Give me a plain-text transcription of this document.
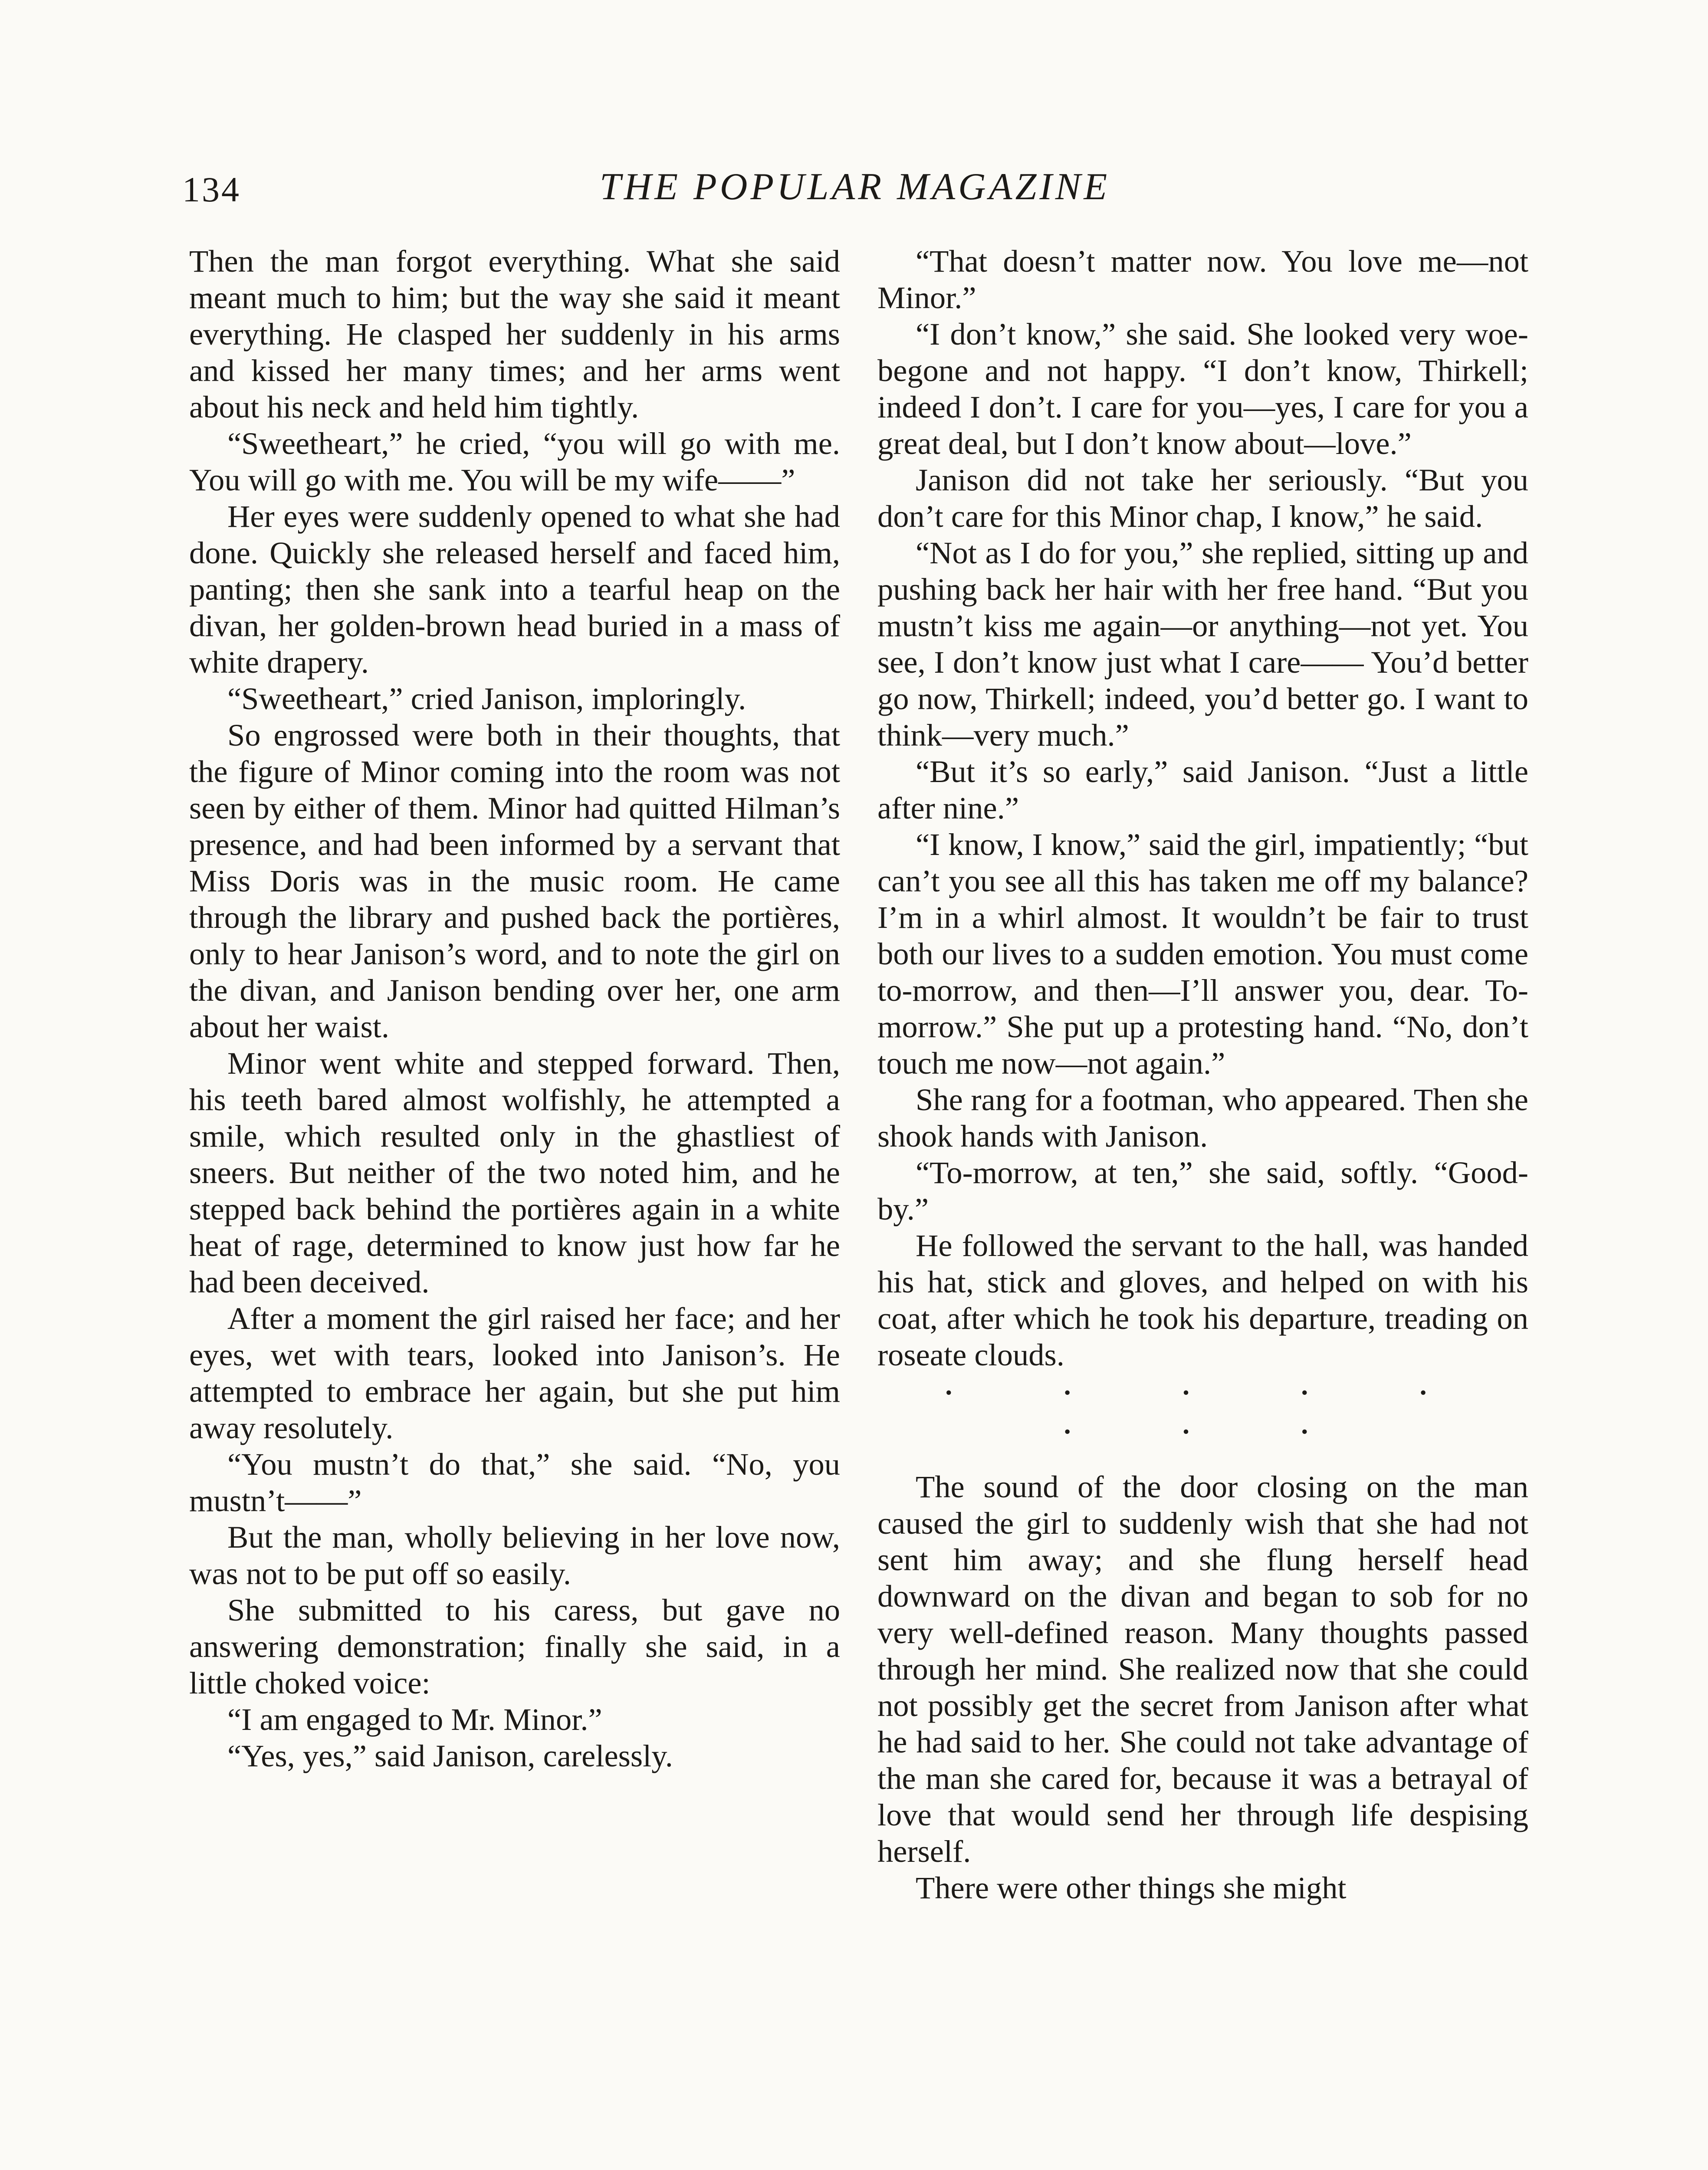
134	THE POPULAR MAGAZINE

Then the man forgot everything. What she said meant much to him; but the way she said it meant everything. He clasped her suddenly in his arms and kissed her many times; and her arms went about his neck and held him tightly.

“Sweetheart,” he cried, “you will go with me. You will go with me. You will be my wife——”

Her eyes were suddenly opened to what she had done. Quickly she released herself and faced him, panting; then she sank into a tearful heap on the divan, her golden-brown head buried in a mass of white drapery.

“Sweetheart,” cried Janison, imploringly.

So engrossed were both in their thoughts, that the figure of Minor coming into the room was not seen by either of them. Minor had quitted Hilman’s presence, and had been informed by a servant that Miss Doris was in the music room. He came through the library and pushed back the portières, only to hear Janison’s word, and to note the girl on the divan, and Janison bending over her, one arm about her waist.

Minor went white and stepped forward. Then, his teeth bared almost wolfishly, he attempted a smile, which resulted only in the ghastliest of sneers. But neither of the two noted him, and he stepped back behind the portières again in a white heat of rage, determined to know just how far he had been deceived.

After a moment the girl raised her face; and her eyes, wet with tears, looked into Janison’s. He attempted to embrace her again, but she put him away resolutely.

“You mustn’t do that,” she said. “No, you mustn’t——”

But the man, wholly believing in her love now, was not to be put off so easily.

She submitted to his caress, but gave no answering demonstration; finally she said, in a little choked voice:

“I am engaged to Mr. Minor.”

“Yes, yes,” said Janison, carelessly.

“That doesn’t matter now. You love me—not Minor.”

“I don’t know,” she said. She looked very woe-begone and not happy. “I don’t know, Thirkell; indeed I don’t. I care for you—yes, I care for you a great deal, but I don’t know about—love.”

Janison did not take her seriously. “But you don’t care for this Minor chap, I know,” he said.

“Not as I do for you,” she replied, sitting up and pushing back her hair with her free hand. “But you mustn’t kiss me again—or anything—not yet. You see, I don’t know just what I care—— You’d better go now, Thirkell; indeed, you’d better go. I want to think—very much.”

“But it’s so early,” said Janison. “Just a little after nine.”

“I know, I know,” said the girl, impatiently; “but can’t you see all this has taken me off my balance? I’m in a whirl almost. It wouldn’t be fair to trust both our lives to a sudden emotion. You must come to-morrow, and then—I’ll answer you, dear. To-morrow.” She put up a protesting hand. “No, don’t touch me now—not again.”

She rang for a footman, who appeared. Then she shook hands with Janison.

“To-morrow, at ten,” she said, softly. “Good-by.”

He followed the servant to the hall, was handed his hat, stick and gloves, and helped on with his coat, after which he took his departure, treading on roseate clouds.

· · · · · · · ·

The sound of the door closing on the man caused the girl to suddenly wish that she had not sent him away; and she flung herself head downward on the divan and began to sob for no very well-defined reason. Many thoughts passed through her mind. She realized now that she could not possibly get the secret from Janison after what he had said to her. She could not take advantage of the man she cared for, because it was a betrayal of love that would send her through life despising herself.

There were other things she might
